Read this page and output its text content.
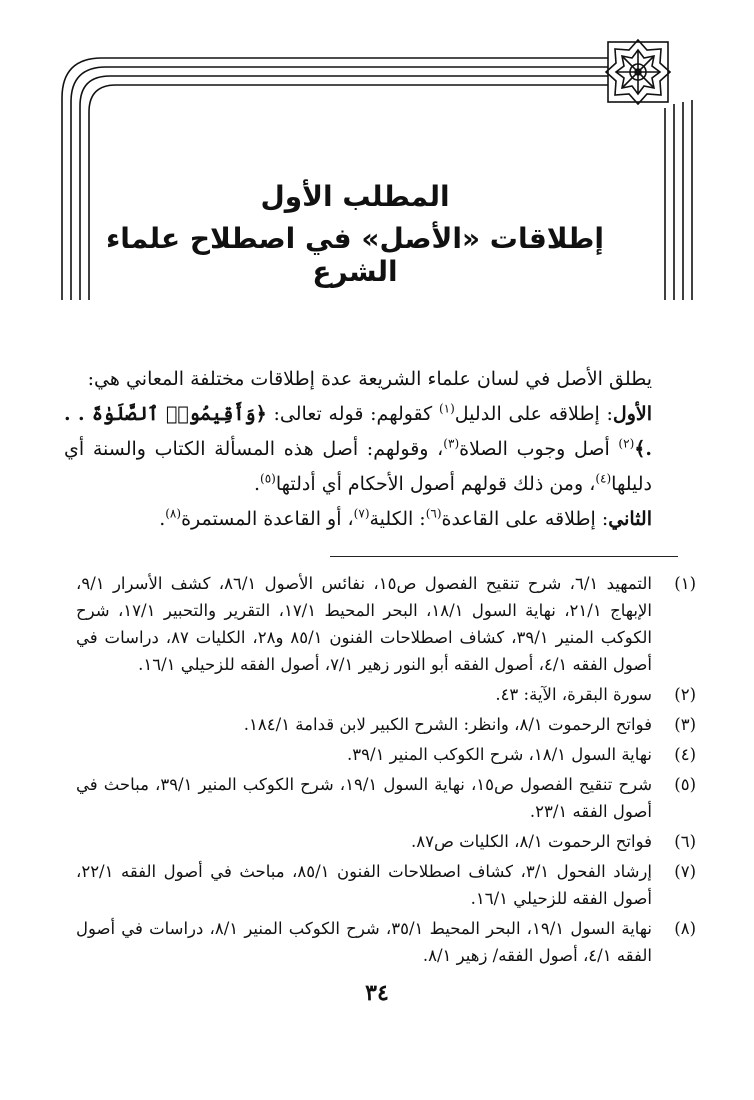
المطلب الأول
إطلاقات «الأصل» في اصطلاح علماء الشرع

يطلق الأصل في لسان علماء الشريعة عدة إطلاقات مختلفة المعاني هي:

الأول: إطلاقه على الدليل$^{(١)}$ كقولهم: قوله تعالى: ﴿وَأَقِيمُوا۟ ٱلصَّلَوٰةَ . . .﴾$^{(٢)}$ أصل وجوب الصلاة$^{(٣)}$، وقولهم: أصل هذه المسألة الكتاب والسنة أي دليلها$^{(٤)}$، ومن ذلك قولهم أصول الأحكام أي أدلتها$^{(٥)}$.

الثاني: إطلاقه على القاعدة$^{(٦)}$: الكلية$^{(٧)}$، أو القاعدة المستمرة$^{(٨)}$.

(١)
التمهيد ٦/١، شرح تنقيح الفصول ص١٥، نفائس الأصول ٨٦/١، كشف الأسرار ٩/١، الإبهاج ٢١/١، نهاية السول ١٨/١، البحر المحيط ١٧/١، التقرير والتحبير ١٧/١، شرح الكوكب المنير ٣٩/١، كشاف اصطلاحات الفنون ٨٥/١ و٢٨، الكليات ٨٧، دراسات في أصول الفقه ٤/١، أصول الفقه أبو النور زهير ٧/١، أصول الفقه للزحيلي ١٦/١.
(٢)
سورة البقرة، الآية: ٤٣.
(٣)
فواتح الرحموت ٨/١، وانظر: الشرح الكبير لابن قدامة ١٨٤/١.
(٤)
نهاية السول ١٨/١، شرح الكوكب المنير ٣٩/١.
(٥)
شرح تنقيح الفصول ص١٥، نهاية السول ١٩/١، شرح الكوكب المنير ٣٩/١، مباحث في أصول الفقه ٢٣/١.
(٦)
فواتح الرحموت ٨/١، الكليات ص٨٧.
(٧)
إرشاد الفحول ٣/١، كشاف اصطلاحات الفنون ٨٥/١، مباحث في أصول الفقه ٢٢/١، أصول الفقه للزحيلي ١٦/١.
(٨)
نهاية السول ١٩/١، البحر المحيط ٣٥/١، شرح الكوكب المنير ٨/١، دراسات في أصول الفقه ٤/١، أصول الفقه/ زهير ٨/١.
٣٤
